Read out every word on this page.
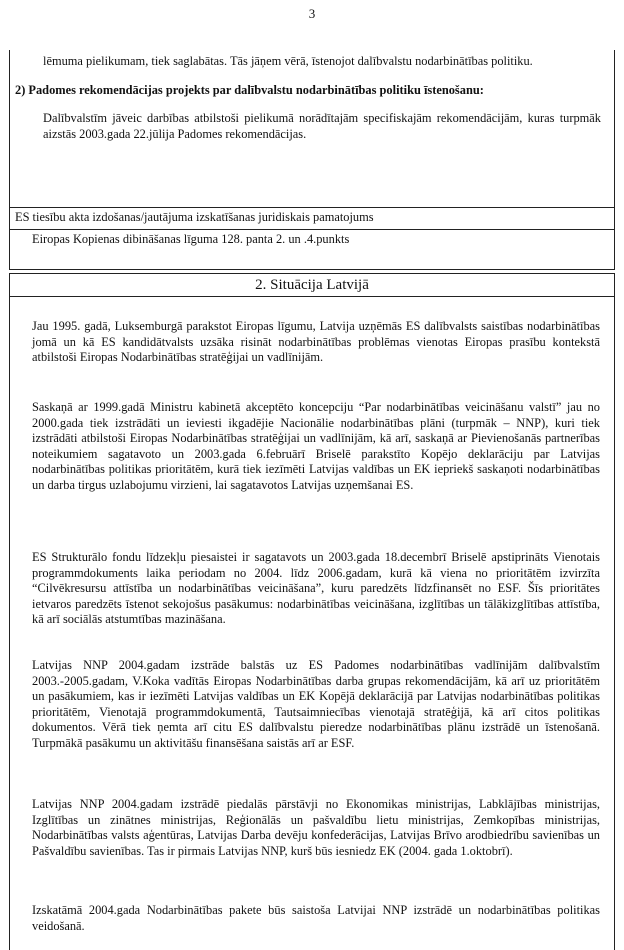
3

lēmuma pielikumam, tiek saglabātas. Tās jāņem vērā, īstenojot dalībvalstu nodarbinātības politiku.

2) Padomes rekomendācijas projekts par dalībvalstu nodarbinātības politiku īstenošanu:

Dalībvalstīm jāveic darbības atbilstoši pielikumā norādītajām specifiskajām rekomendācijām, kuras turpmāk aizstās 2003.gada 22.jūlija Padomes rekomendācijas.

ES tiesību akta izdošanas/jautājuma izskatīšanas juridiskais pamatojums
Eiropas Kopienas dibināšanas līguma 128. panta 2. un .4.punkts
2. Situācija Latvijā

Jau 1995. gadā, Luksemburgā parakstot Eiropas līgumu, Latvija uzņēmās ES dalībvalsts saistības nodarbinātības jomā un kā ES kandidātvalsts uzsāka risināt nodarbinātības problēmas vienotas Eiropas prasību kontekstā atbilstoši Eiropas Nodarbinātības stratēģijai un vadlīnijām.

Saskaņā ar 1999.gadā Ministru kabinetā akceptēto koncepciju “Par nodarbinātības veicināšanu valstī” jau no 2000.gada tiek izstrādāti un ieviesti ikgadējie Nacionālie nodarbinātības plāni (turpmāk – NNP), kuri tiek izstrādāti atbilstoši Eiropas Nodarbinātības stratēģijai un vadlīnijām, kā arī, saskaņā ar Pievienošanās partnerības noteikumiem sagatavoto un 2003.gada 6.februārī Briselē parakstīto Kopējo deklarāciju par Latvijas nodarbinātības politikas prioritātēm, kurā tiek iezīmēti Latvijas valdības un EK iepriekš saskaņoti nodarbinātības un darba tirgus uzlabojumu virzieni, lai sagatavotos Latvijas uzņemšanai ES.

ES Strukturālo fondu līdzekļu piesaistei ir sagatavots un 2003.gada 18.decembrī Briselē apstiprināts Vienotais programmdokuments laika periodam no 2004. līdz 2006.gadam, kurā kā viena no prioritātēm izvirzīta “Cilvēkresursu attīstība un nodarbinātības veicināšana”, kuru paredzēts līdzfinansēt no ESF. Šīs prioritātes ietvaros paredzēts īstenot sekojošus pasākumus: nodarbinātības veicināšana, izglītības un tālākizglītības attīstība, kā arī sociālās atstumtības mazināšana.

Latvijas NNP 2004.gadam izstrāde balstās uz ES Padomes nodarbinātības vadlīnijām dalībvalstīm 2003.-2005.gadam, V.Koka vadītās Eiropas Nodarbinātības darba grupas rekomendācijām, kā arī uz prioritātēm un pasākumiem, kas ir iezīmēti Latvijas valdības un EK Kopējā deklarācijā par Latvijas nodarbinātības politikas prioritātēm, Vienotajā programmdokumentā, Tautsaimniecības vienotajā stratēģijā, kā arī citos politikas dokumentos. Vērā tiek ņemta arī citu ES dalībvalstu pieredze nodarbinātības plānu izstrādē un īstenošanā. Turpmākā pasākumu un aktivitāšu finansēšana saistās arī ar ESF.

Latvijas NNP 2004.gadam izstrādē piedalās pārstāvji no Ekonomikas ministrijas, Labklājības ministrijas, Izglītības un zinātnes ministrijas, Reģionālās un pašvaldību lietu ministrijas, Zemkopības ministrijas, Nodarbinātības valsts aģentūras, Latvijas Darba devēju konfederācijas, Latvijas Brīvo arodbiedrību savienības un Pašvaldību savienības. Tas ir pirmais Latvijas NNP, kurš būs iesniedz EK (2004. gada 1.oktobrī).

Izskatāmā 2004.gada Nodarbinātības pakete būs saistoša Latvijai NNP izstrādē un nodarbinātības politikas veidošanā.
